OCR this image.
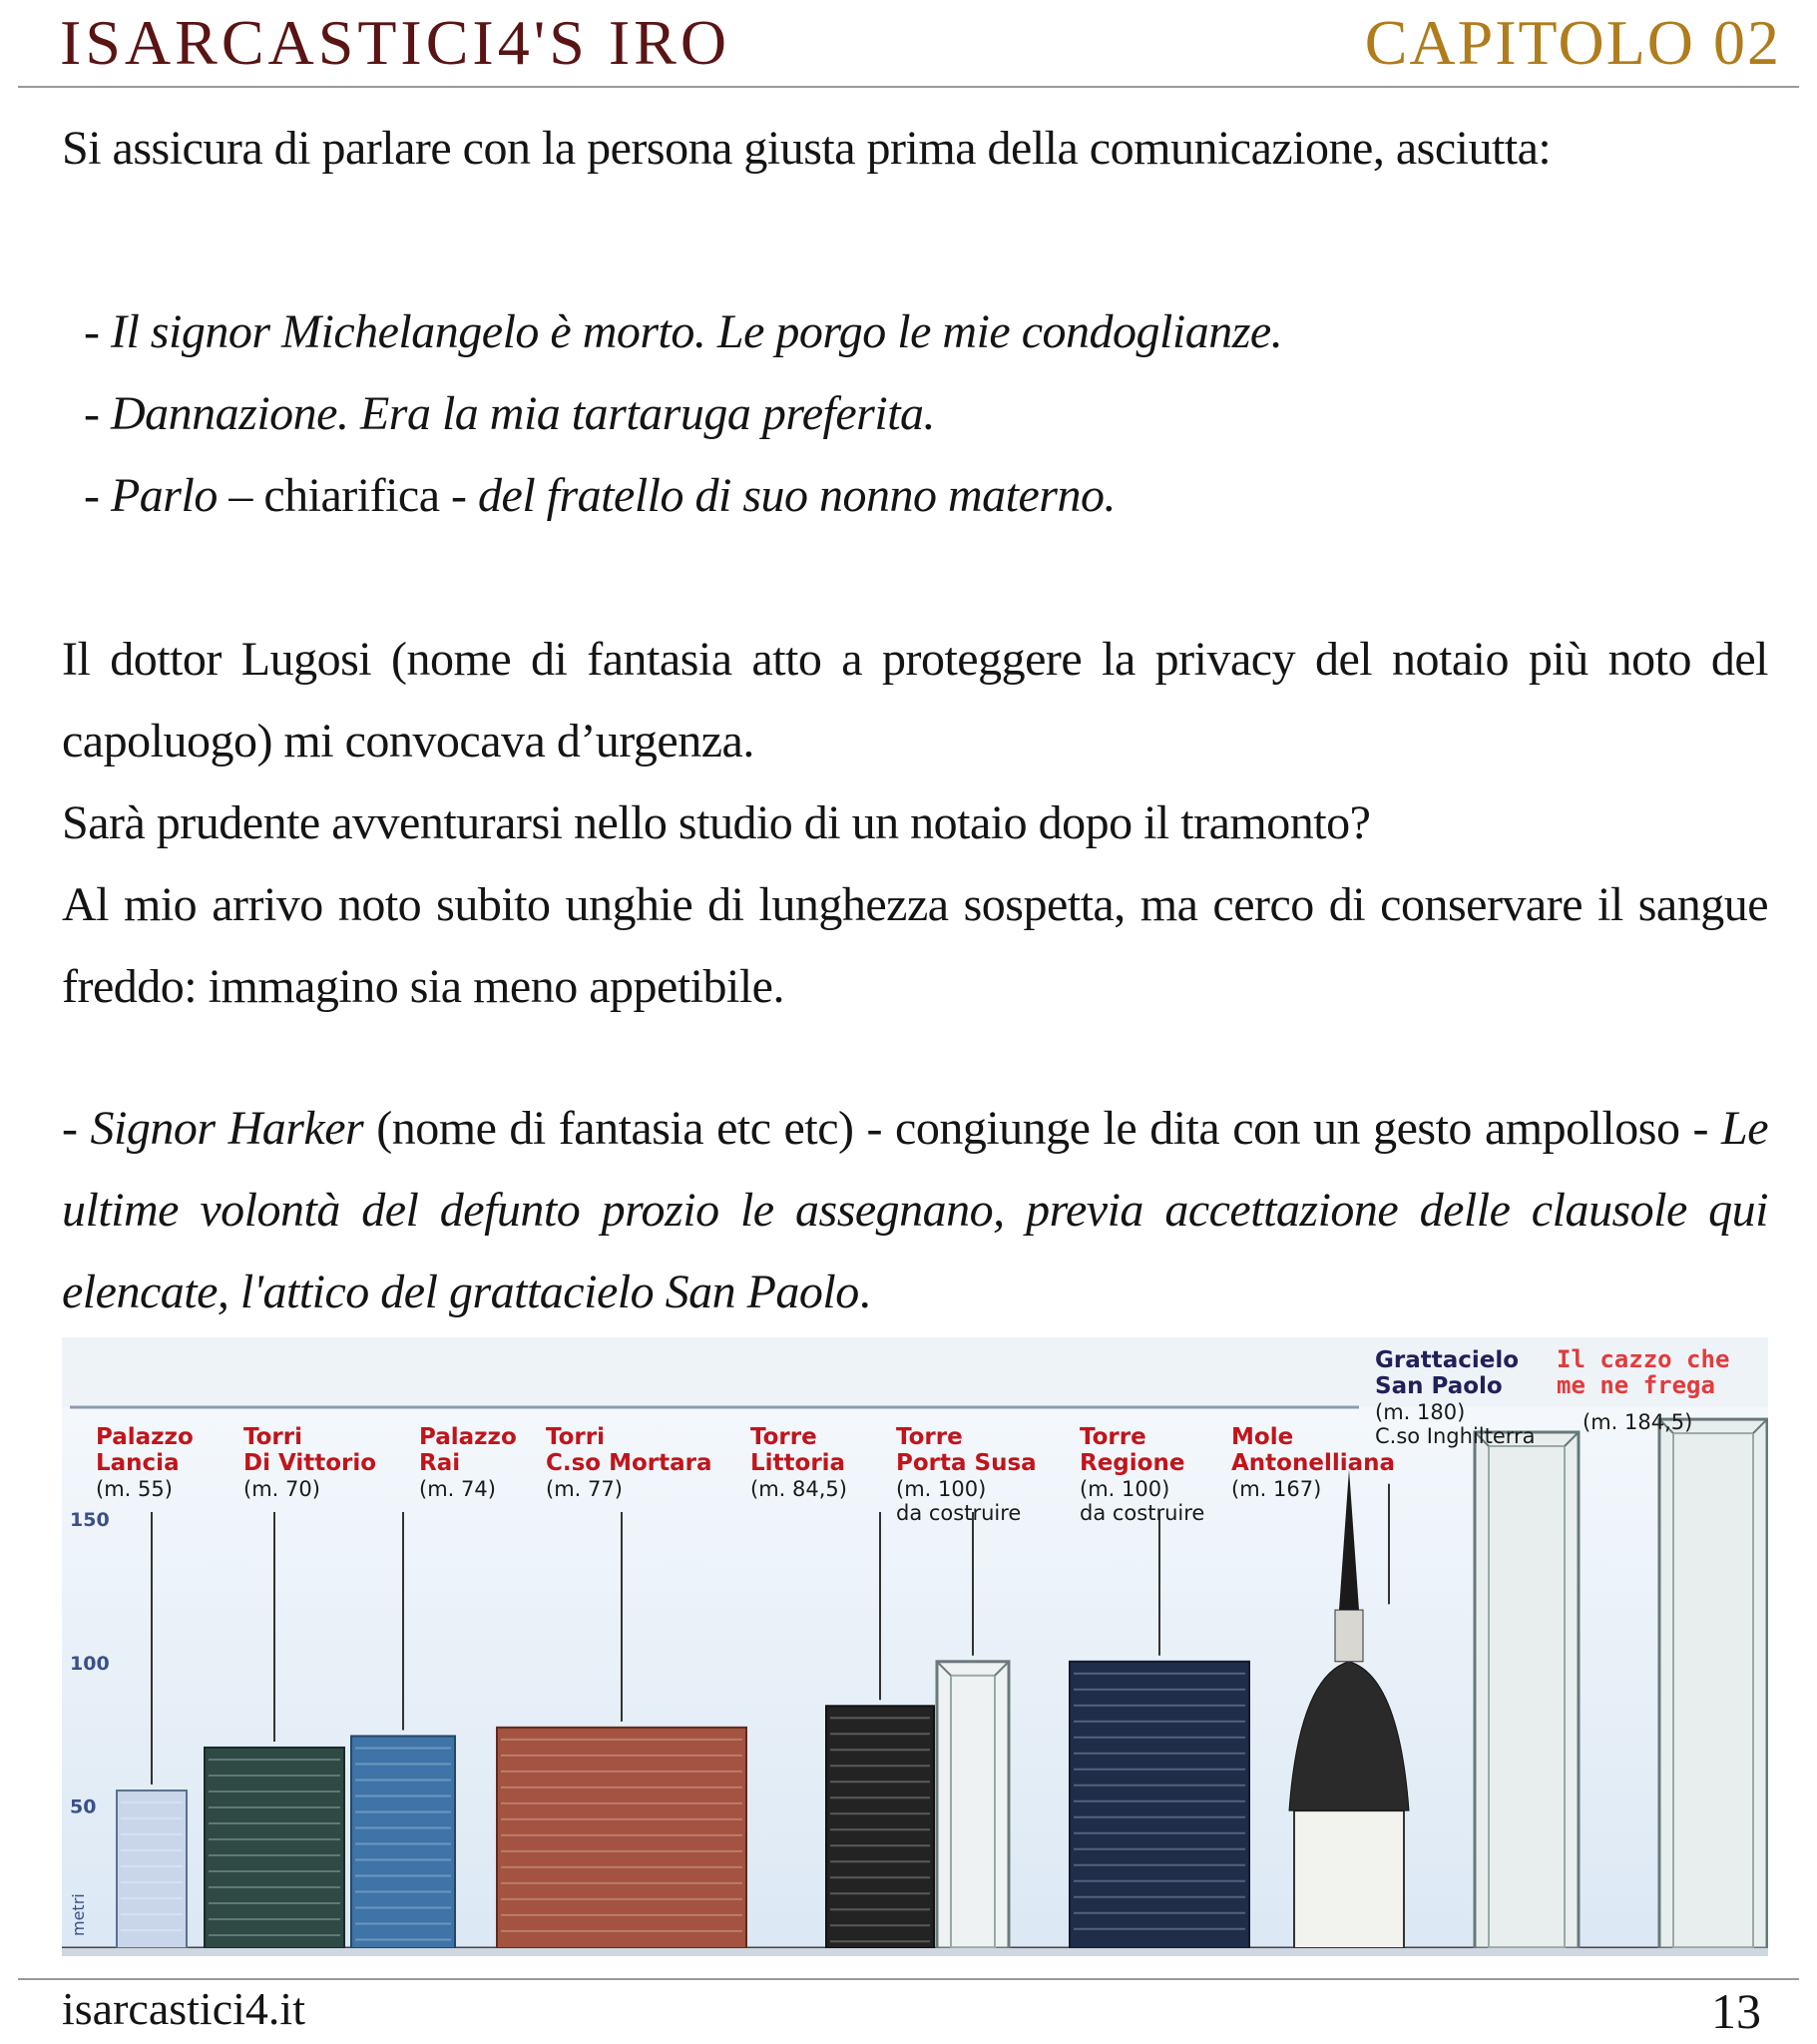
ISARCASTICI4'S IRO	CAPITOLO 02

Si assicura di parlare con la persona giusta prima della comunicazione, asciutta:

- Il signor Michelangelo è morto. Le porgo le mie condoglianze.

- Dannazione. Era la mia tartaruga preferita.

- Parlo – chiarifica - del fratello di suo nonno materno.

Il dottor Lugosi (nome di fantasia atto a proteggere la privacy del notaio più noto del capoluogo) mi convocava d’urgenza.

Sarà prudente avventurarsi nello studio di un notaio dopo il tramonto?

Al mio arrivo noto subito unghie di lunghezza sospetta, ma cerco di conservare il sangue freddo: immagino sia meno appetibile.

- Signor Harker (nome di fantasia etc etc) - congiunge le dita con un gesto ampolloso - Le ultime volontà del defunto prozio le assegnano, previa accettazione delle clausole qui elencate, l'attico del grattacielo San Paolo.

50
100
150
metri
Palazzo
Lancia
(m. 55)
Torri
Di Vittorio
(m. 70)
Palazzo
Rai
(m. 74)
Torri
C.so Mortara
(m. 77)
Torre
Littoria
(m. 84,5)
Torre
Porta Susa
(m. 100)
da costruire
Torre
Regione
(m. 100)
da costruire
Mole
Antonelliana
(m. 167)
Grattacielo
San Paolo
(m. 180)
C.so Inghilterra
Il cazzo che
me ne frega
(m. 184,5)
isarcastici4.it	13
